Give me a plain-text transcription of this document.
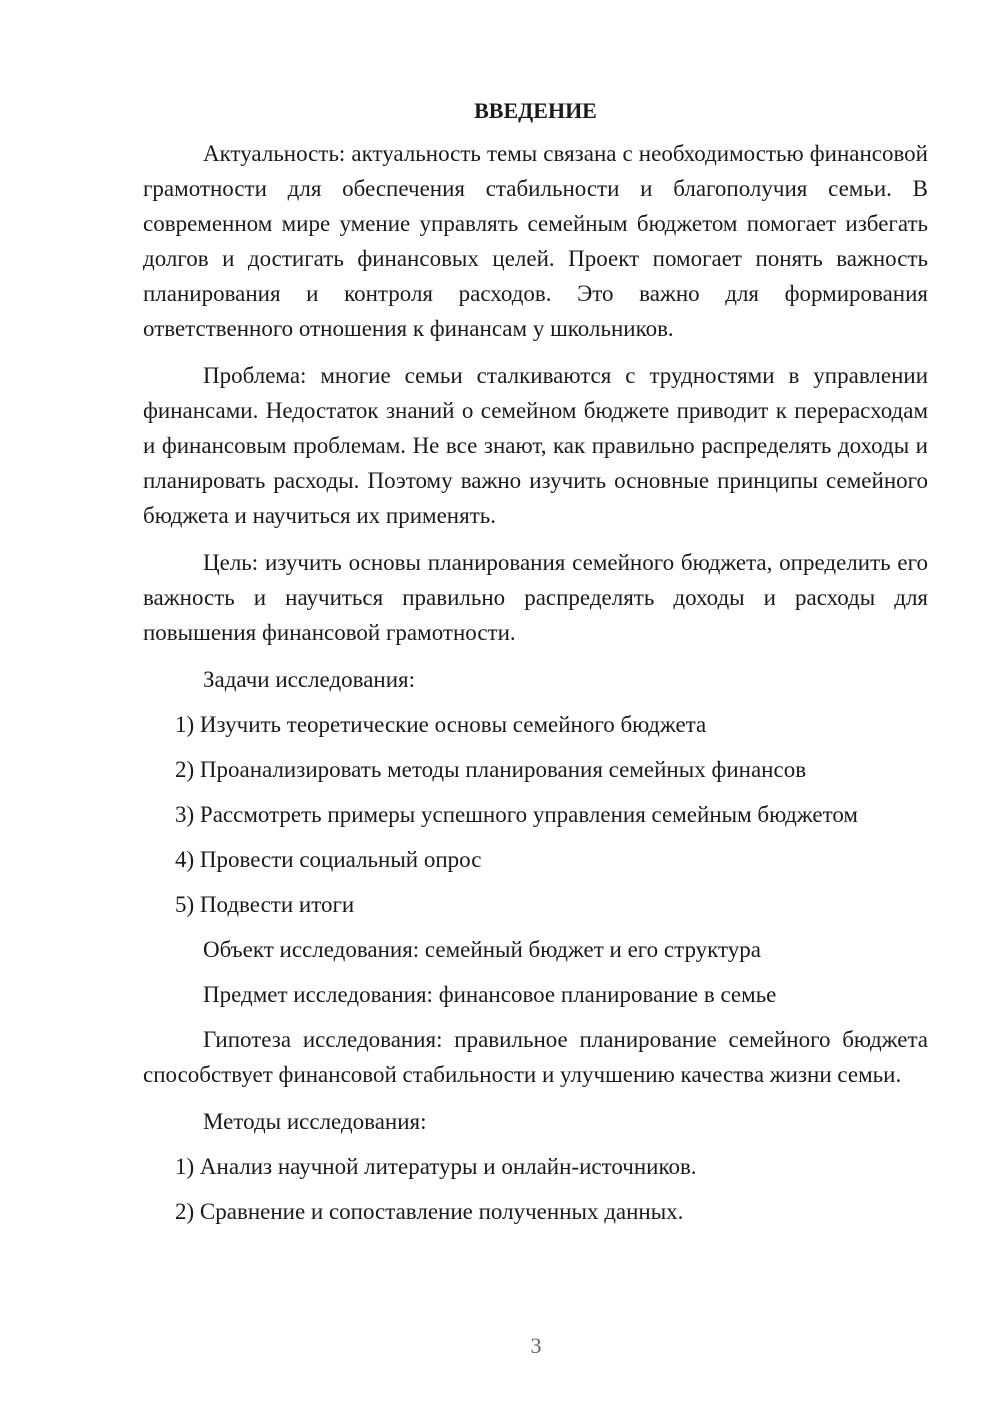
ВВЕДЕНИЕ

Актуальность: актуальность темы связана с необходимостью финансовой грамотности для обеспечения стабильности и благополучия семьи. В современном мире умение управлять семейным бюджетом помогает избегать долгов и достигать финансовых целей. Проект помогает понять важность планирования и контроля расходов. Это важно для формирования ответственного отношения к финансам у школьников.

Проблема: многие семьи сталкиваются с трудностями в управлении финансами. Недостаток знаний о семейном бюджете приводит к перерасходам и финансовым проблемам. Не все знают, как правильно распределять доходы и планировать расходы. Поэтому важно изучить основные принципы семейного бюджета и научиться их применять.

Цель: изучить основы планирования семейного бюджета, определить его важность и научиться правильно распределять доходы и расходы для повышения финансовой грамотности.

Задачи исследования:
1) Изучить теоретические основы семейного бюджета
2) Проанализировать методы планирования семейных финансов
3) Рассмотреть примеры успешного управления семейным бюджетом
4) Провести социальный опрос
5) Подвести итоги
Объект исследования: семейный бюджет и его структура
Предмет исследования: финансовое планирование в семье

Гипотеза исследования: правильное планирование семейного бюджета способствует финансовой стабильности и улучшению качества жизни семьи.

Методы исследования:
1) Анализ научной литературы и онлайн-источников.
2) Сравнение и сопоставление полученных данных.
3
